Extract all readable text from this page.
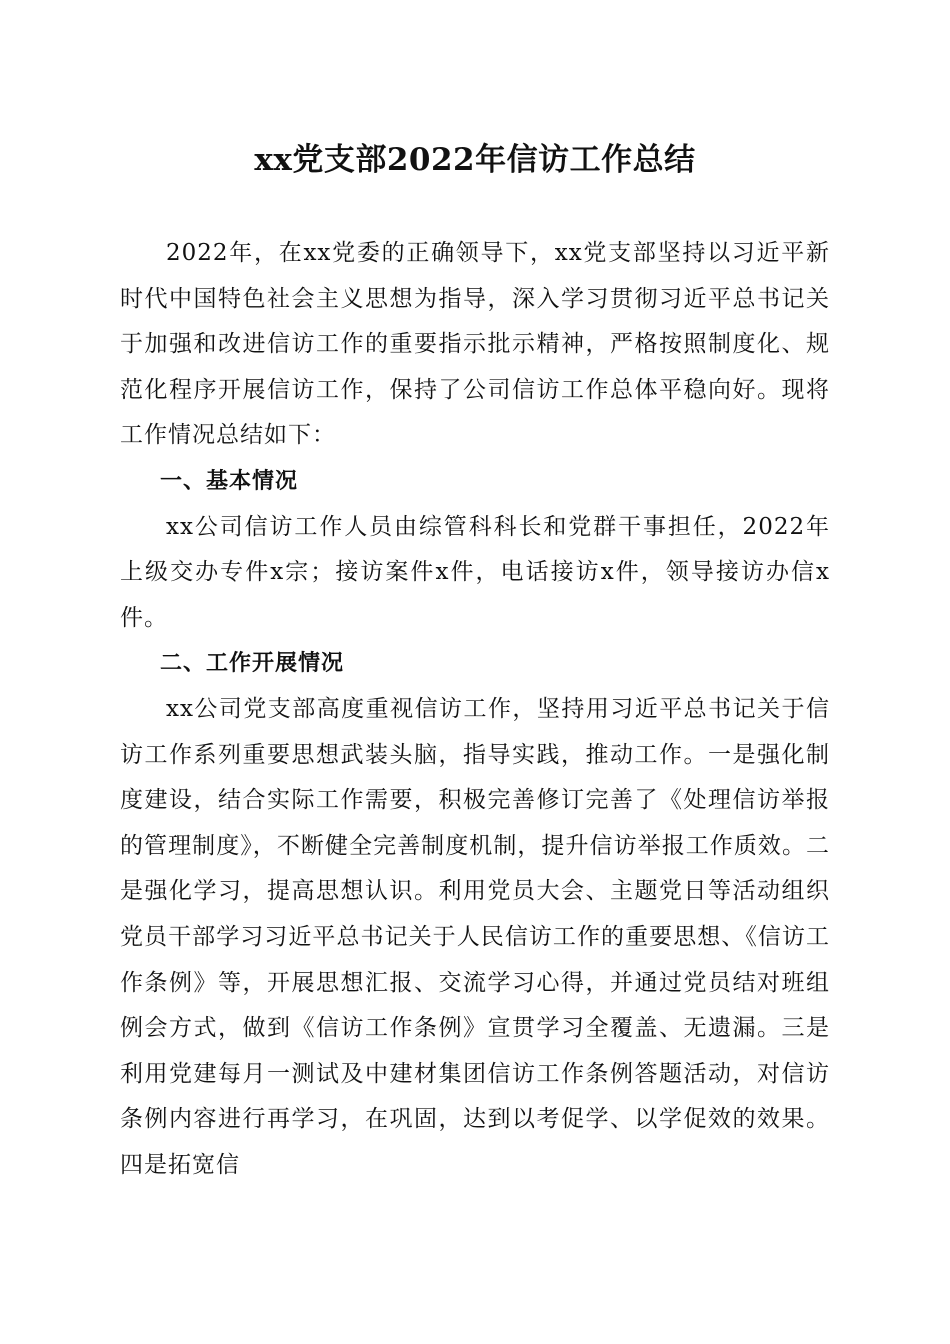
xx党支部2022年信访工作总结

2022年，在xx党委的正确领导下，xx党支部坚持以习近平新时代中国特色社会主义思想为指导，深入学习贯彻习近平总书记关于加强和改进信访工作的重要指示批示精神，严格按照制度化、规范化程序开展信访工作，保持了公司信访工作总体平稳向好。现将工作情况总结如下：

一、基本情况

xx公司信访工作人员由综管科科长和党群干事担任，2022年上级交办专件x宗；接访案件x件，电话接访x件，领导接访办信x件。

二、工作开展情况

xx公司党支部高度重视信访工作，坚持用习近平总书记关于信访工作系列重要思想武装头脑，指导实践，推动工作。一是强化制度建设，结合实际工作需要，积极完善修订完善了《处理信访举报的管理制度》，不断健全完善制度机制，提升信访举报工作质效。二是强化学习，提高思想认识。利用党员大会、主题党日等活动组织党员干部学习习近平总书记关于人民信访工作的重要思想、《信访工作条例》等，开展思想汇报、交流学习心得，并通过党员结对班组例会方式，做到《信访工作条例》宣贯学习全覆盖、无遗漏。三是利用党建每月一测试及中建材集团信访工作条例答题活动，对信访条例内容进行再学习，在巩固，达到以考促学、以学促效的效果。四是拓宽信
